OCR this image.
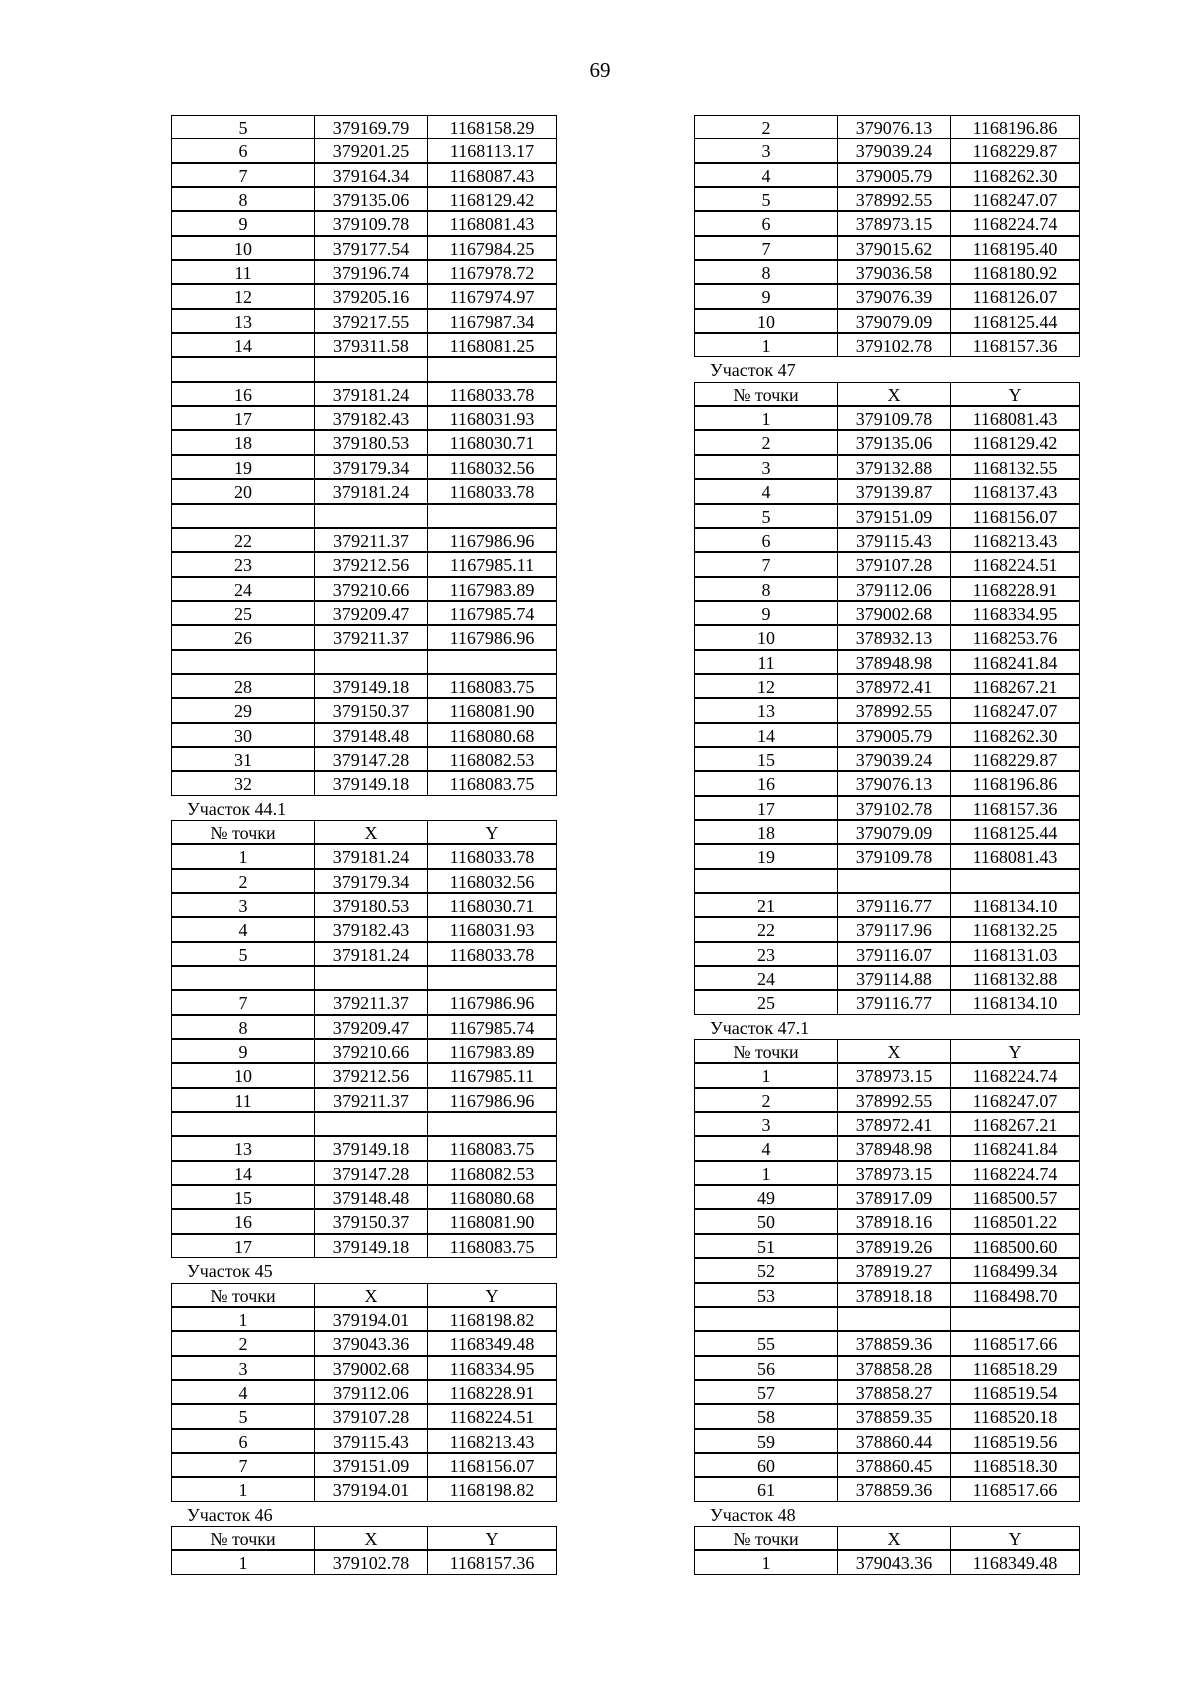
69
5	379169.79	1168158.29
6	379201.25	1168113.17
7	379164.34	1168087.43
8	379135.06	1168129.42
9	379109.78	1168081.43
10	379177.54	1167984.25
11	379196.74	1167978.72
12	379205.16	1167974.97
13	379217.55	1167987.34
14	379311.58	1168081.25
16	379181.24	1168033.78
17	379182.43	1168031.93
18	379180.53	1168030.71
19	379179.34	1168032.56
20	379181.24	1168033.78
22	379211.37	1167986.96
23	379212.56	1167985.11
24	379210.66	1167983.89
25	379209.47	1167985.74
26	379211.37	1167986.96
28	379149.18	1168083.75
29	379150.37	1168081.90
30	379148.48	1168080.68
31	379147.28	1168082.53
32	379149.18	1168083.75
Участок 44.1
№ точки	X	Y
1	379181.24	1168033.78
2	379179.34	1168032.56
3	379180.53	1168030.71
4	379182.43	1168031.93
5	379181.24	1168033.78
7	379211.37	1167986.96
8	379209.47	1167985.74
9	379210.66	1167983.89
10	379212.56	1167985.11
11	379211.37	1167986.96
13	379149.18	1168083.75
14	379147.28	1168082.53
15	379148.48	1168080.68
16	379150.37	1168081.90
17	379149.18	1168083.75
Участок 45
№ точки	X	Y
1	379194.01	1168198.82
2	379043.36	1168349.48
3	379002.68	1168334.95
4	379112.06	1168228.91
5	379107.28	1168224.51
6	379115.43	1168213.43
7	379151.09	1168156.07
1	379194.01	1168198.82
Участок 46
№ точки	X	Y
1	379102.78	1168157.36
2	379076.13	1168196.86
3	379039.24	1168229.87
4	379005.79	1168262.30
5	378992.55	1168247.07
6	378973.15	1168224.74
7	379015.62	1168195.40
8	379036.58	1168180.92
9	379076.39	1168126.07
10	379079.09	1168125.44
1	379102.78	1168157.36
Участок 47
№ точки	X	Y
1	379109.78	1168081.43
2	379135.06	1168129.42
3	379132.88	1168132.55
4	379139.87	1168137.43
5	379151.09	1168156.07
6	379115.43	1168213.43
7	379107.28	1168224.51
8	379112.06	1168228.91
9	379002.68	1168334.95
10	378932.13	1168253.76
11	378948.98	1168241.84
12	378972.41	1168267.21
13	378992.55	1168247.07
14	379005.79	1168262.30
15	379039.24	1168229.87
16	379076.13	1168196.86
17	379102.78	1168157.36
18	379079.09	1168125.44
19	379109.78	1168081.43
21	379116.77	1168134.10
22	379117.96	1168132.25
23	379116.07	1168131.03
24	379114.88	1168132.88
25	379116.77	1168134.10
Участок 47.1
№ точки	X	Y
1	378973.15	1168224.74
2	378992.55	1168247.07
3	378972.41	1168267.21
4	378948.98	1168241.84
1	378973.15	1168224.74
49	378917.09	1168500.57
50	378918.16	1168501.22
51	378919.26	1168500.60
52	378919.27	1168499.34
53	378918.18	1168498.70
55	378859.36	1168517.66
56	378858.28	1168518.29
57	378858.27	1168519.54
58	378859.35	1168520.18
59	378860.44	1168519.56
60	378860.45	1168518.30
61	378859.36	1168517.66
Участок 48
№ точки	X	Y
1	379043.36	1168349.48
